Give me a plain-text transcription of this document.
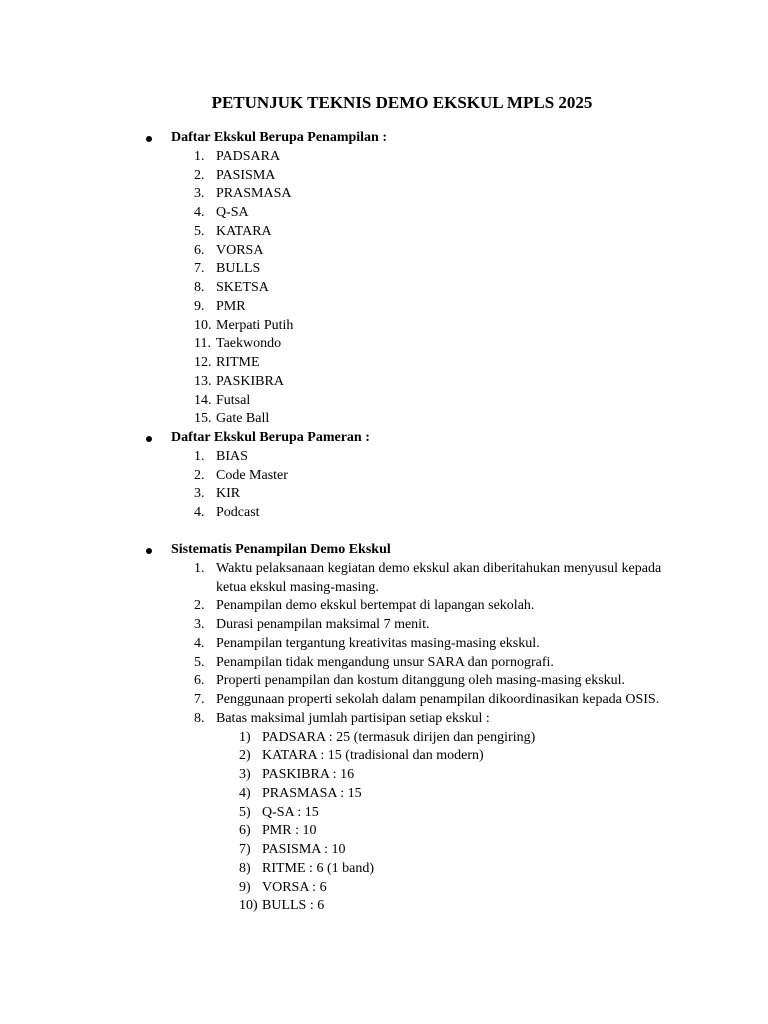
PETUNJUK TEKNIS DEMO EKSKUL MPLS 2025
Daftar Ekskul Berupa Penampilan :
1. PADSARA
2. PASISMA
3. PRASMASA
4. Q-SA
5. KATARA
6. VORSA
7. BULLS
8. SKETSA
9. PMR
10. Merpati Putih
11. Taekwondo
12. RITME
13. PASKIBRA
14. Futsal
15. Gate Ball
Daftar Ekskul Berupa Pameran :
1. BIAS
2. Code Master
3. KIR
4. Podcast
Sistematis Penampilan Demo Ekskul
1. Waktu pelaksanaan kegiatan demo ekskul akan diberitahukan menyusul kepada ketua ekskul masing-masing.
2. Penampilan demo ekskul bertempat di lapangan sekolah.
3. Durasi penampilan maksimal 7 menit.
4. Penampilan tergantung kreativitas masing-masing ekskul.
5. Penampilan tidak mengandung unsur SARA dan pornografi.
6. Properti penampilan dan kostum ditanggung oleh masing-masing ekskul.
7. Penggunaan properti sekolah dalam penampilan dikoordinasikan kepada OSIS.
8. Batas maksimal jumlah partisipan setiap ekskul :
1) PADSARA : 25 (termasuk dirijen dan pengiring)
2) KATARA : 15 (tradisional dan modern)
3) PASKIBRA : 16
4) PRASMASA : 15
5) Q-SA : 15
6) PMR : 10
7) PASISMA : 10
8) RITME : 6 (1 band)
9) VORSA : 6
10) BULLS : 6
